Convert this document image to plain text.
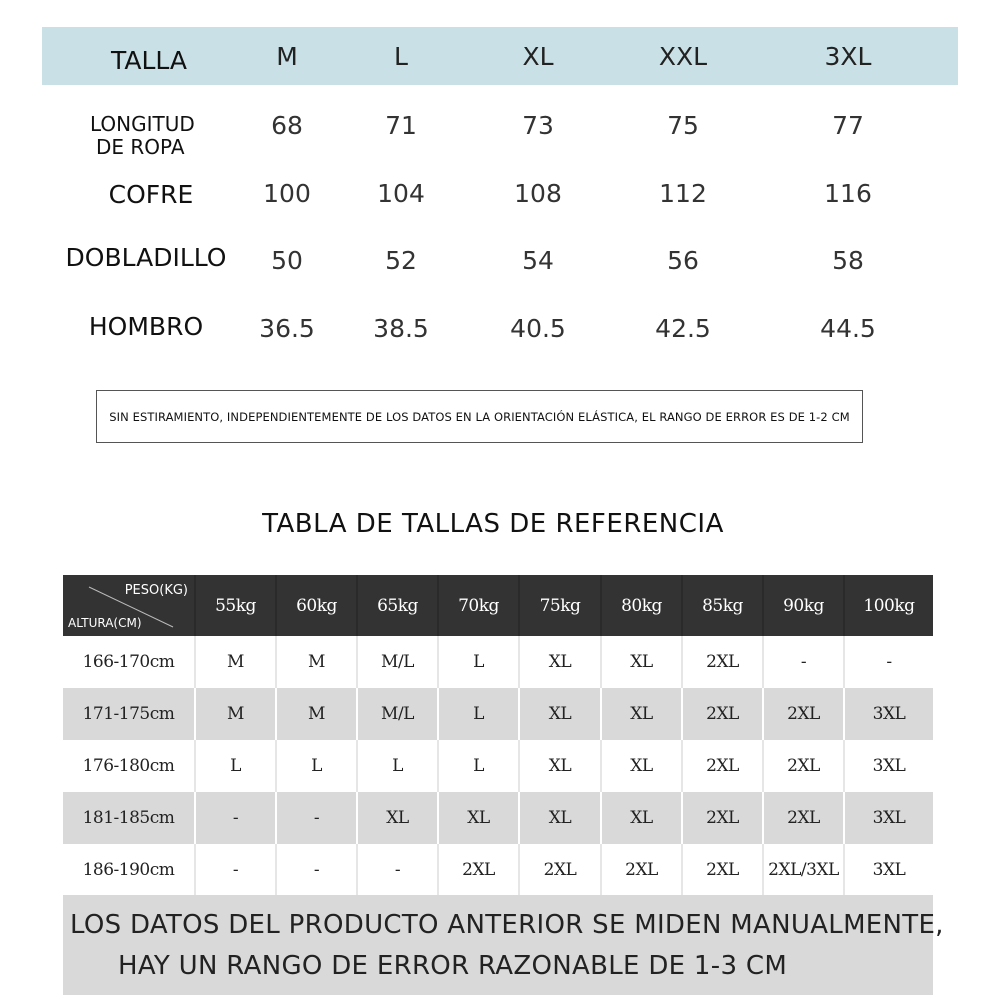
TALLA	M	L	XL	XXL	3XL
LONGITUD
DE ROPA
68	71	73	75	77
COFRE	100	104	108	112	116
DOBLADILLO 50	52	54	56	58
HOMBRO 36.5 38.5	40.5	42.5	44.5
SIN ESTIRAMIENTO, INDEPENDIENTEMENTE DE LOS DATOS EN LA ORIENTACIÓN ELÁSTICA, EL RANGO DE ERROR ES DE 1-2 CM
TABLA DE TALLAS DE REFERENCIA
PESO(KG)
ALTURA(CM)
55kg 60kg 65kg 70kg 75kg 80kg 85kg 90kg 100kg
166-170cm	M	M	M/L	L	XL	XL	2XL	-	-
171-175cm	M	M	M/L	L	XL	XL	2XL	2XL	3XL
176-180cm	L	L	L	L	XL	XL	2XL	2XL	3XL
181-185cm	-	-	XL	XL	XL	XL	2XL	2XL	3XL
186-190cm	-	-	-	2XL	2XL	2XL	2XL	2XL/3XL	3XL
LOS DATOS DEL PRODUCTO ANTERIOR SE MIDEN MANUALMENTE,
HAY UN RANGO DE ERROR RAZONABLE DE 1-3 CM
